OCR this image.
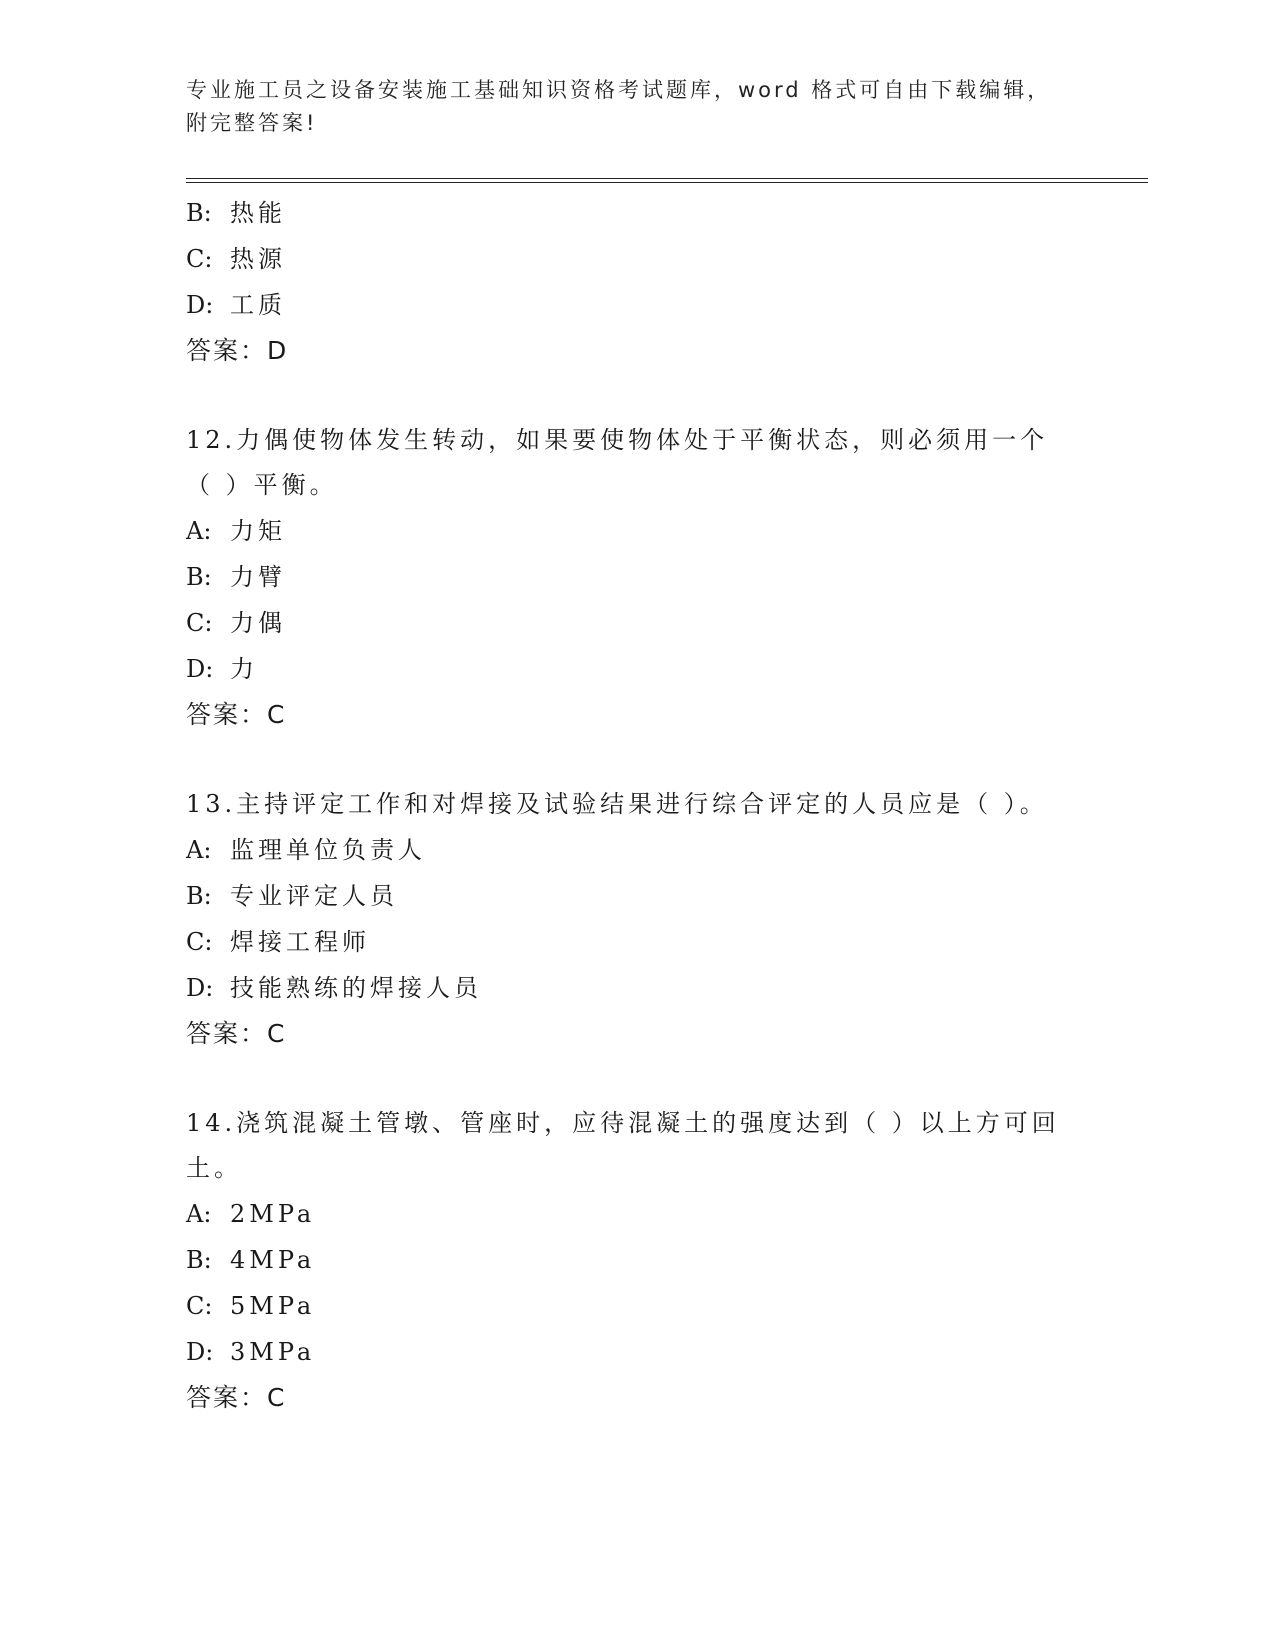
专业施工员之设备安装施工基础知识资格考试题库，word 格式可自由下载编辑，
附完整答案!
B: 热能
C: 热源
D: 工质
答案：D
12.力偶使物体发生转动，如果要使物体处于平衡状态，则必须用一个（ ）平衡。
A: 力矩
B: 力臂
C: 力偶
D: 力
答案：C
13.主持评定工作和对焊接及试验结果进行综合评定的人员应是（ ）。
A: 监理单位负责人
B: 专业评定人员
C: 焊接工程师
D: 技能熟练的焊接人员
答案：C
14.浇筑混凝土管墩、管座时，应待混凝土的强度达到（ ）以上方可回土。
A: 2MPa
B: 4MPa
C: 5MPa
D: 3MPa
答案：C
